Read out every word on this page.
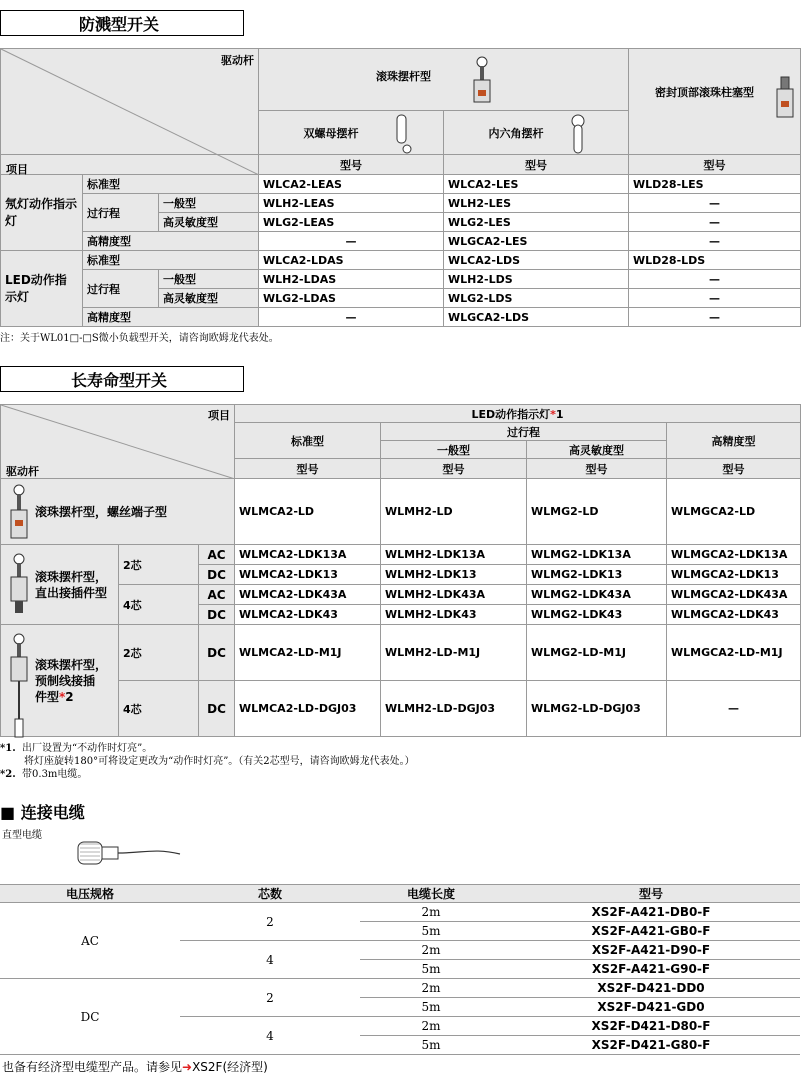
防溅型开关
驱动杆
项目			滚珠摆杆型		密封顶部滚珠柱塞型

			双螺母摆杆	内六角摆杆	

			型号	型号	型号
氖灯动作指示灯	标准型		WLCA2-LEAS	WLCA2-LES	WLD28-LES
	过行程	一般型	WLH2-LEAS	WLH2-LES	—
		高灵敏度型	WLG2-LEAS	WLG2-LES	—
	高精度型		—	WLGCA2-LES	—
LED动作指示灯	标准型		WLCA2-LDAS	WLCA2-LDS	WLD28-LDS
	过行程	一般型	WLH2-LDAS	WLH2-LDS	—
		高灵敏度型	WLG2-LDAS	WLG2-LDS	—
	高精度型		—	WLGCA2-LDS	—
注：关于WL01□-□S微小负载型开关，请咨询欧姆龙代表处。
长寿命型开关
项目
驱动杆			LED动作指示灯*1			
			标准型	过行程		高精度型
				一般型	高灵敏度型	
			型号	型号	型号	型号

滚珠摆杆型，螺丝端子型			WLMCA2-LD	WLMH2-LD	WLMG2-LD	WLMGCA2-LD

滚珠摆杆型，
直出接插件型	2芯	AC	WLMCA2-LDK13A	WLMH2-LDK13A	WLMG2-LDK13A	WLMGCA2-LDK13A
		DC	WLMCA2-LDK13	WLMH2-LDK13	WLMG2-LDK13	WLMGCA2-LDK13
	4芯	AC	WLMCA2-LDK43A	WLMH2-LDK43A	WLMG2-LDK43A	WLMGCA2-LDK43A
		DC	WLMCA2-LDK43	WLMH2-LDK43	WLMG2-LDK43	WLMGCA2-LDK43

滚珠摆杆型，
预制线接插
件型*2	2芯	DC	WLMCA2-LD-M1J	WLMH2-LD-M1J	WLMG2-LD-M1J	WLMGCA2-LD-M1J
	4芯	DC	WLMCA2-LD-DGJ03	WLMH2-LD-DGJ03	WLMG2-LD-DGJ03	—
*1. 出厂设置为“不动作时灯亮”。
将灯座旋转180°可将设定更改为“动作时灯亮”。（有关2芯型号，请咨询欧姆龙代表处。）
*2. 带0.3m电缆。
■ 连接电缆
直型电缆
电压规格	芯数	电缆长度	型号
AC	2	2m	XS2F-A421-DB0-F
		5m	XS2F-A421-GB0-F
	4	2m	XS2F-A421-D90-F
		5m	XS2F-A421-G90-F
DC	2	2m	XS2F-D421-DD0
		5m	XS2F-D421-GD0
	4	2m	XS2F-D421-D80-F
		5m	XS2F-D421-G80-F
也备有经济型电缆型产品。请参见➜XS2F(经济型)
